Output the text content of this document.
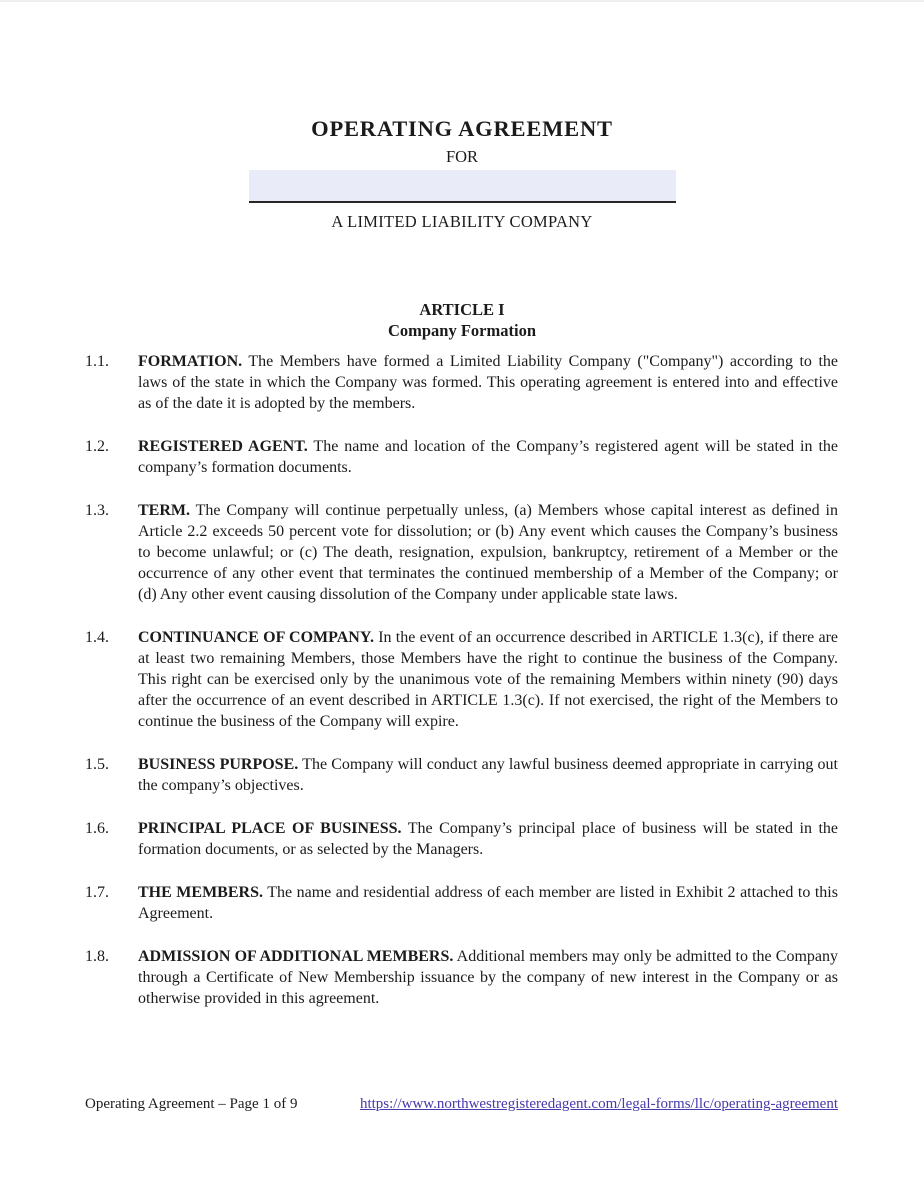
OPERATING AGREEMENT
FOR
A LIMITED LIABILITY COMPANY
ARTICLE I
Company Formation
1.1. FORMATION. The Members have formed a Limited Liability Company ("Company") according to the laws of the state in which the Company was formed. This operating agreement is entered into and effective as of the date it is adopted by the members.

1.2. REGISTERED AGENT. The name and location of the Company’s registered agent will be stated in the company’s formation documents.

1.3. TERM. The Company will continue perpetually unless, (a) Members whose capital interest as defined in Article 2.2 exceeds 50 percent vote for dissolution; or (b) Any event which causes the Company’s business to become unlawful; or (c) The death, resignation, expulsion, bankruptcy, retirement of a Member or the occurrence of any other event that terminates the continued membership of a Member of the Company; or (d) Any other event causing dissolution of the Company under applicable state laws.

1.4. CONTINUANCE OF COMPANY. In the event of an occurrence described in ARTICLE 1.3(c), if there are at least two remaining Members, those Members have the right to continue the business of the Company. This right can be exercised only by the unanimous vote of the remaining Members within ninety (90) days after the occurrence of an event described in ARTICLE 1.3(c). If not exercised, the right of the Members to continue the business of the Company will expire.

1.5. BUSINESS PURPOSE. The Company will conduct any lawful business deemed appropriate in carrying out the company’s objectives.

1.6. PRINCIPAL PLACE OF BUSINESS. The Company’s principal place of business will be stated in the formation documents, or as selected by the Managers.

1.7. THE MEMBERS. The name and residential address of each member are listed in Exhibit 2 attached to this Agreement.

1.8. ADMISSION OF ADDITIONAL MEMBERS. Additional members may only be admitted to the Company through a Certificate of New Membership issuance by the company of new interest in the Company or as otherwise provided in this agreement.

Operating Agreement – Page 1 of 9	https://www.northwestregisteredagent.com/legal-forms/llc/operating-agreement
